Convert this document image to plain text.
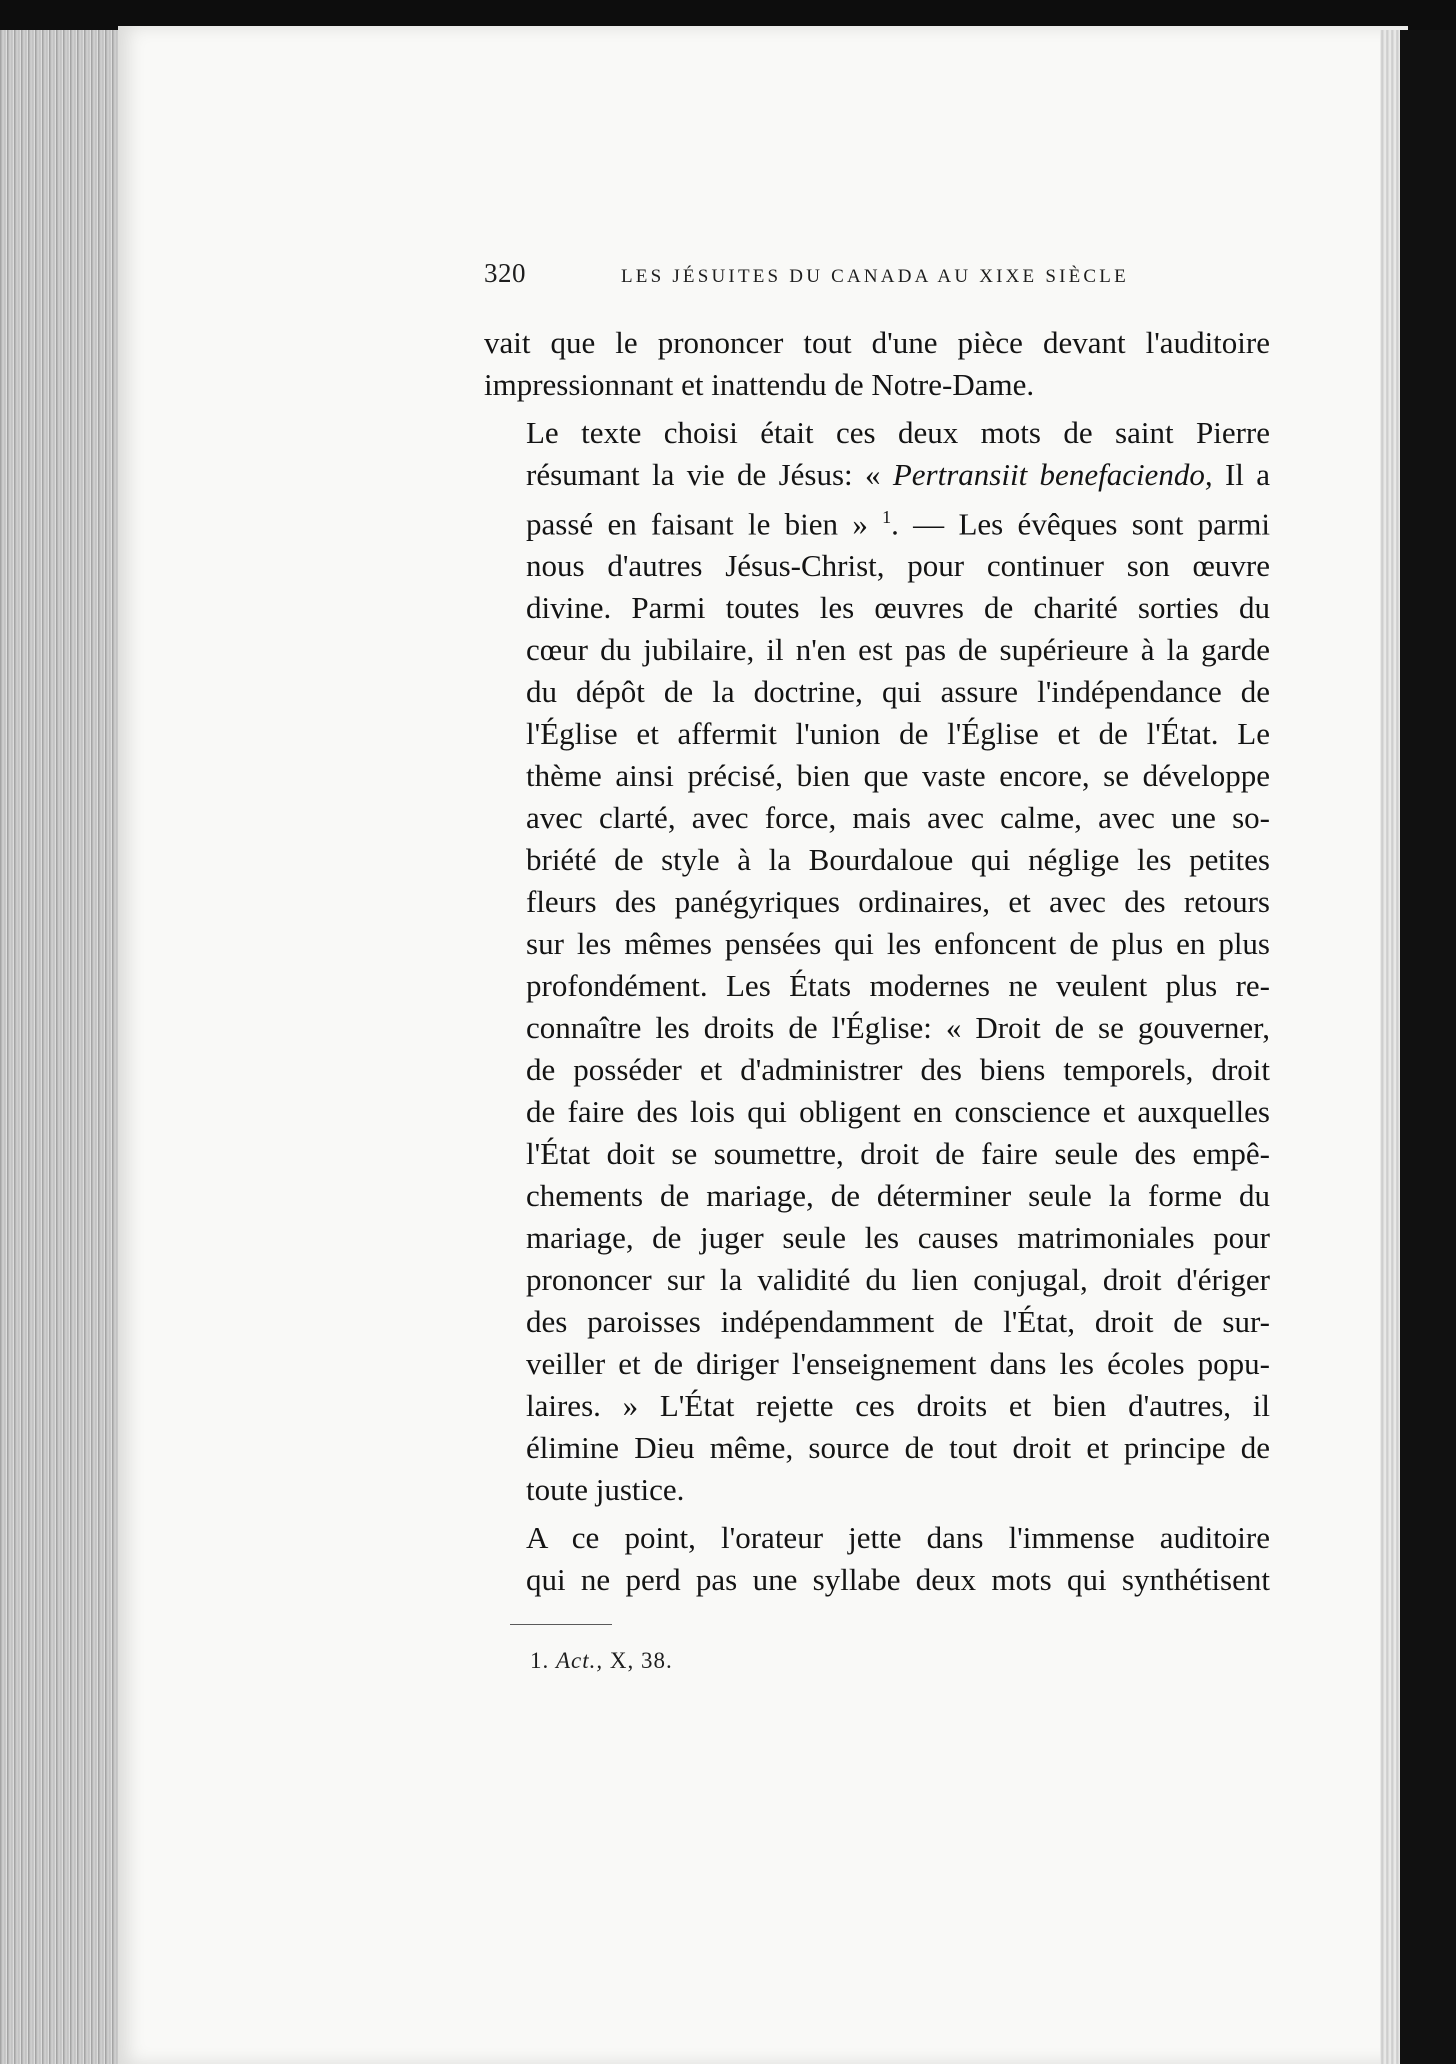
320	LES JÉSUITES DU CANADA AU XIXE SIÈCLE

vait que le prononcer tout d'une pièce devant l'auditoire
impressionnant et inattendu de Notre-Dame.

Le texte choisi était ces deux mots de saint Pierre
résumant la vie de Jésus: « Pertransiit benefaciendo, Il a
passé en faisant le bien » $^1$. — Les évêques sont parmi
nous d'autres Jésus-Christ, pour continuer son œuvre
divine. Parmi toutes les œuvres de charité sorties du
cœur du jubilaire, il n'en est pas de supérieure à la garde
du dépôt de la doctrine, qui assure l'indépendance de
l'Église et affermit l'union de l'Église et de l'État. Le
thème ainsi précisé, bien que vaste encore, se développe
avec clarté, avec force, mais avec calme, avec une so-
briété de style à la Bourdaloue qui néglige les petites
fleurs des panégyriques ordinaires, et avec des retours
sur les mêmes pensées qui les enfoncent de plus en plus
profondément. Les États modernes ne veulent plus re-
connaître les droits de l'Église: « Droit de se gouverner,
de posséder et d'administrer des biens temporels, droit
de faire des lois qui obligent en conscience et auxquelles
l'État doit se soumettre, droit de faire seule des empê-
chements de mariage, de déterminer seule la forme du
mariage, de juger seule les causes matrimoniales pour
prononcer sur la validité du lien conjugal, droit d'ériger
des paroisses indépendamment de l'État, droit de sur-
veiller et de diriger l'enseignement dans les écoles popu-
laires. » L'État rejette ces droits et bien d'autres, il
élimine Dieu même, source de tout droit et principe de
toute justice.

A ce point, l'orateur jette dans l'immense auditoire
qui ne perd pas une syllabe deux mots qui synthétisent

1. Act., X, 38.
